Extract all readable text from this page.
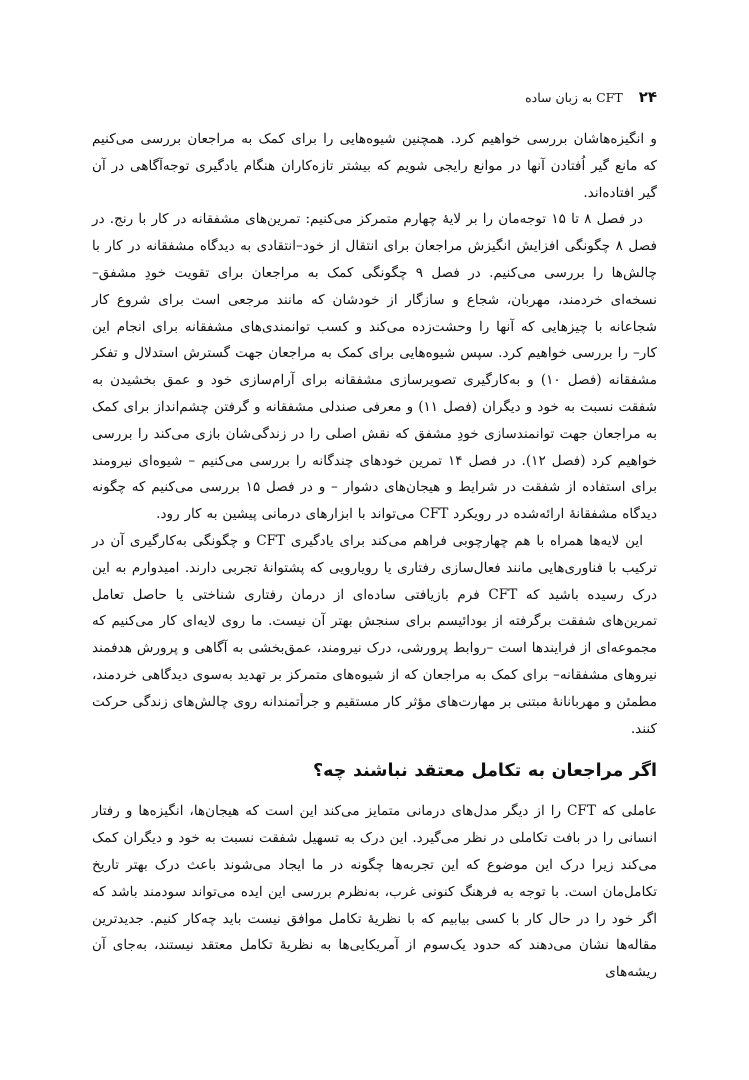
۲۴
CFT به زبان ساده

و انگیزه‌هاشان بررسی خواهیم کرد. همچنین شیوه‌هایی را برای کمک به مراجعان بررسی می‌کنیم که مانع گیر اُفتادن آنها در موانع رایجی شویم که بیشتر تازه‌کاران هنگام یادگیری توجه‌آگاهی در آن گیر افتاده‌اند.

در فصل ۸ تا ۱۵ توجه‌مان را بر لایهٔ چهارم متمرکز می‌کنیم: تمرین‌های مشفقانه در کار با رنج. در فصل ۸ چگونگی افزایش انگیزش مراجعان برای انتقال از خود–انتقادی به دیدگاه مشفقانه در کار با چالش‌ها را بررسی می‌کنیم. در فصل ۹ چگونگی کمک به مراجعان برای تقویت خودِ مشفق– نسخه‌ای خردمند، مهربان، شجاع و سازگار از خودشان که مانند مرجعی است برای شروع کار شجاعانه با چیزهایی که آنها را وحشت‌زده می‌کند و کسب توانمندی‌های مشفقانه برای انجام این کار– را بررسی خواهیم کرد. سپس شیوه‌هایی برای کمک به مراجعان جهت گسترش استدلال و تفکر مشفقانه (فصل ۱۰) و به‌کارگیری تصویرسازی مشفقانه برای آرام‌سازی خود و عمق بخشیدن به شفقت نسبت به خود و دیگران (فصل ۱۱) و معرفی صندلی مشفقانه و گرفتن چشم‌انداز برای کمک به مراجعان جهت توانمندسازی خودِ مشفق که نقش اصلی را در زندگی‌شان بازی می‌کند را بررسی خواهیم کرد (فصل ۱۲). در فصل ۱۴ تمرین خودهای چندگانه را بررسی می‌کنیم – شیوه‌ای نیرومند برای استفاده از شفقت در شرایط و هیجان‌های دشوار – و در فصل ۱۵ بررسی می‌کنیم که چگونه دیدگاه مشفقانهٔ ارائه‌شده در رویکرد CFT می‌تواند با ابزارهای درمانی پیشین به کار رود.

این لایه‌ها همراه با هم چهارچوبی فراهم می‌کند برای یادگیری CFT و چگونگی به‌کارگیری آن در ترکیب با فناوری‌هایی مانند فعال‌سازی رفتاری یا رویارویی که پشتوانهٔ تجربی دارند. امیدوارم به این درک رسیده باشید که CFT فرم بازیافتی ساده‌ای از درمان رفتاری شناختی یا حاصل تعامل تمرین‌های شفقت برگرفته از بودائیسم برای سنجش بهتر آن نیست. ما روی لایه‌ای کار می‌کنیم که مجموعه‌ای از فرایندها است –روابط پرورشی، درک نیرومند، عمق‌بخشی به آگاهی و پرورش هدفمند نیروهای مشفقانه– برای کمک به مراجعان که از شیوه‌های متمرکز بر تهدید به‌سوی دیدگاهی خردمند، مطمئن و مهربانانهٔ مبتنی بر مهارت‌های مؤثر کار مستقیم و جرأتمندانه روی چالش‌های زندگی حرکت کنند.

اگر مراجعان به تکامل معتقد نباشند چه؟

عاملی که CFT را از دیگر مدل‌های درمانی متمایز می‌کند این است که هیجان‌ها، انگیزه‌ها و رفتار انسانی را در بافت تکاملی در نظر می‌گیرد. این درک به تسهیل شفقت نسبت به خود و دیگران کمک می‌کند زیرا درک این موضوع که این تجربه‌ها چگونه در ما ایجاد می‌شوند باعث درک بهتر تاریخ تکامل‌مان است. با توجه به فرهنگ کنونی غرب، به‌نظرم بررسی این ایده می‌تواند سودمند باشد که اگر خود را در حال کار با کسی بیابیم که با نظریهٔ تکامل موافق نیست باید چه‌کار کنیم. جدیدترین مقاله‌ها نشان می‌دهند که حدود یک‌سوم از آمریکایی‌ها به نظریهٔ تکامل معتقد نیستند، به‌جای آن ریشه‌های
